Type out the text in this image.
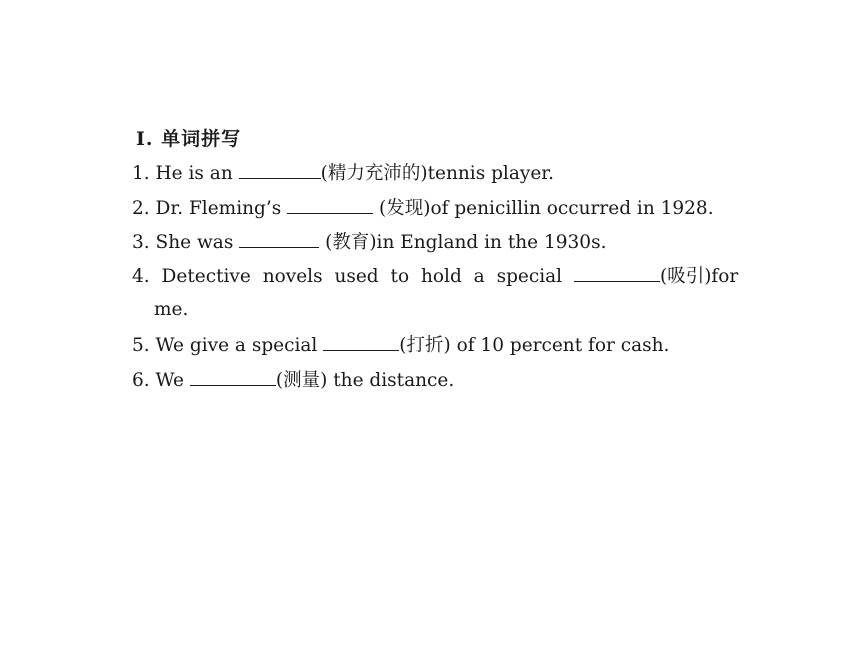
Ⅰ. 单词拼写
1. He is an	(精力充沛的)tennis player.
2. Dr. Fleming’s	(发现)of penicillin occurred in 1928.
3. She was	(教育)in England in the 1930s.
4. Detective novels used to hold a special	(吸引)for
me.
5. We give a special	(打折) of 10 percent for cash.
6. We	(测量) the distance.
